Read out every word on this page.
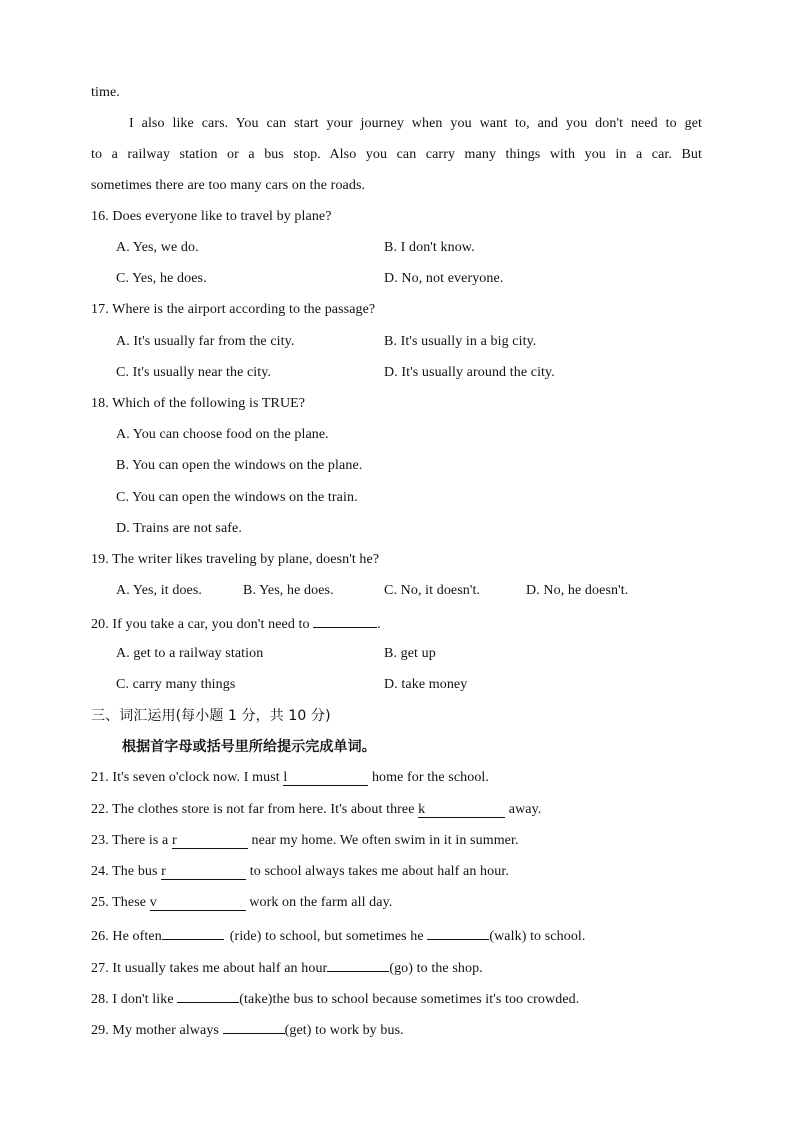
time.
I also like cars. You can start your journey when you want to, and you don't need to get
to a railway station or a bus stop. Also you can carry many things with you in a car. But
sometimes there are too many cars on the roads.
16. Does everyone like to travel by plane?
A. Yes, we do.	B. I don't know.
C. Yes, he does.	D. No, not everyone.
17. Where is the airport according to the passage?
A. It's usually far from the city.	B. It's usually in a big city.
C. It's usually near the city.	D. It's usually around the city.
18. Which of the following is TRUE?
A. You can choose food on the plane.
B. You can open the windows on the plane.
C. You can open the windows on the train.
D. Trains are not safe.
19. The writer likes traveling by plane, doesn't he?
A. Yes, it does.	B. Yes, he does.	C. No, it doesn't.	D. No, he doesn't.
20. If you take a car, you don't need to	.
A. get to a railway station	B. get up
C. carry many things	D. take money
三、词汇运用(每小题 1 分，共 10 分)
根据首字母或括号里所给提示完成单词。
21. It's seven o'clock now. I must l	home for the school.
22. The clothes store is not far from here. It's about three k	away.
23. There is a r	near my home. We often swim in it in summer.
24. The bus r	to school always takes me about half an hour.
25. These v	work on the farm all day.
26. He often	(ride) to school, but sometimes he	(walk) to school.
27. It usually takes me about half an hour	(go) to the shop.
28. I don't like	(take)the bus to school because sometimes it's too crowded.
29. My mother always	(get) to work by bus.
